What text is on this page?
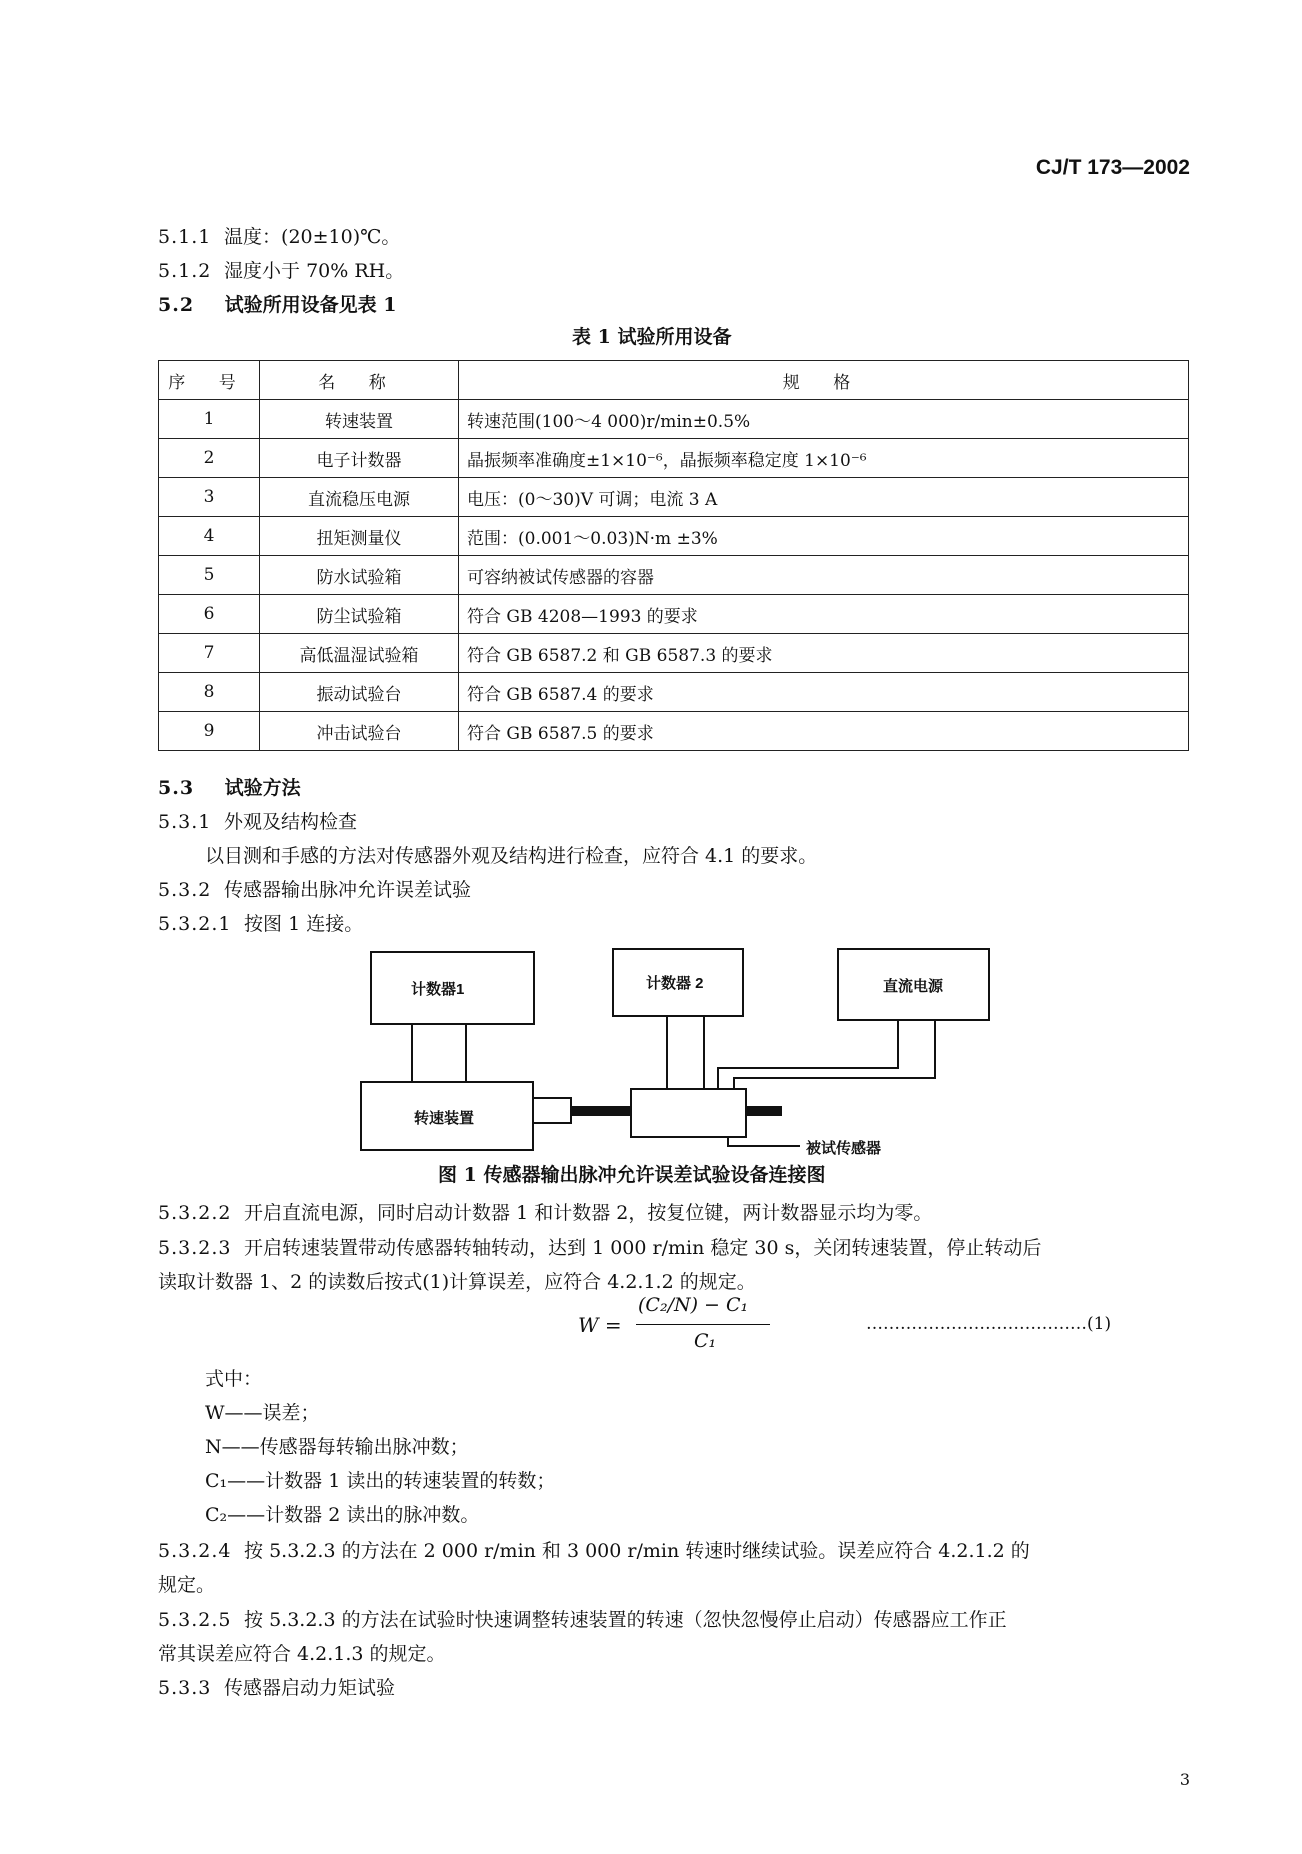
CJ/T 173—2002
5.1.1 温度：(20±10)℃。
5.1.2 湿度小于 70% RH。
5.2 试验所用设备见表 1
表 1 试验所用设备
序 号	名 称	规 格
1	转速装置	转速范围(100～4 000)r/min±0.5%
2	电子计数器	晶振频率准确度±1×10⁻⁶，晶振频率稳定度 1×10⁻⁶
3	直流稳压电源	电压：(0～30)V 可调；电流 3 A
4	扭矩测量仪	范围：(0.001～0.03)N·m ±3%
5	防水试验箱	可容纳被试传感器的容器
6	防尘试验箱	符合 GB 4208—1993 的要求
7	高低温湿试验箱	符合 GB 6587.2 和 GB 6587.3 的要求
8	振动试验台	符合 GB 6587.4 的要求
9	冲击试验台	符合 GB 6587.5 的要求
5.3 试验方法
5.3.1 外观及结构检查
以目测和手感的方法对传感器外观及结构进行检查，应符合 4.1 的要求。
5.3.2 传感器输出脉冲允许误差试验
5.3.2.1 按图 1 连接。
计数器1	计数器 2	直流电源
转速装置
被试传感器
图 1 传感器输出脉冲允许误差试验设备连接图
5.3.2.2 开启直流电源，同时启动计数器 1 和计数器 2，按复位键，两计数器显示均为零。
5.3.2.3 开启转速装置带动传感器转轴转动，达到 1 000 r/min 稳定 30 s，关闭转速装置，停止转动后
读取计数器 1、2 的读数后按式(1)计算误差，应符合 4.2.1.2 的规定。
W =
(C₂/N) − C₁
C₁
…………………………………(1)
式中：
W——误差；
N——传感器每转输出脉冲数；
C₁——计数器 1 读出的转速装置的转数；
C₂——计数器 2 读出的脉冲数。
5.3.2.4 按 5.3.2.3 的方法在 2 000 r/min 和 3 000 r/min 转速时继续试验。误差应符合 4.2.1.2 的
规定。
5.3.2.5 按 5.3.2.3 的方法在试验时快速调整转速装置的转速（忽快忽慢停止启动）传感器应工作正
常其误差应符合 4.2.1.3 的规定。
5.3.3 传感器启动力矩试验
3
